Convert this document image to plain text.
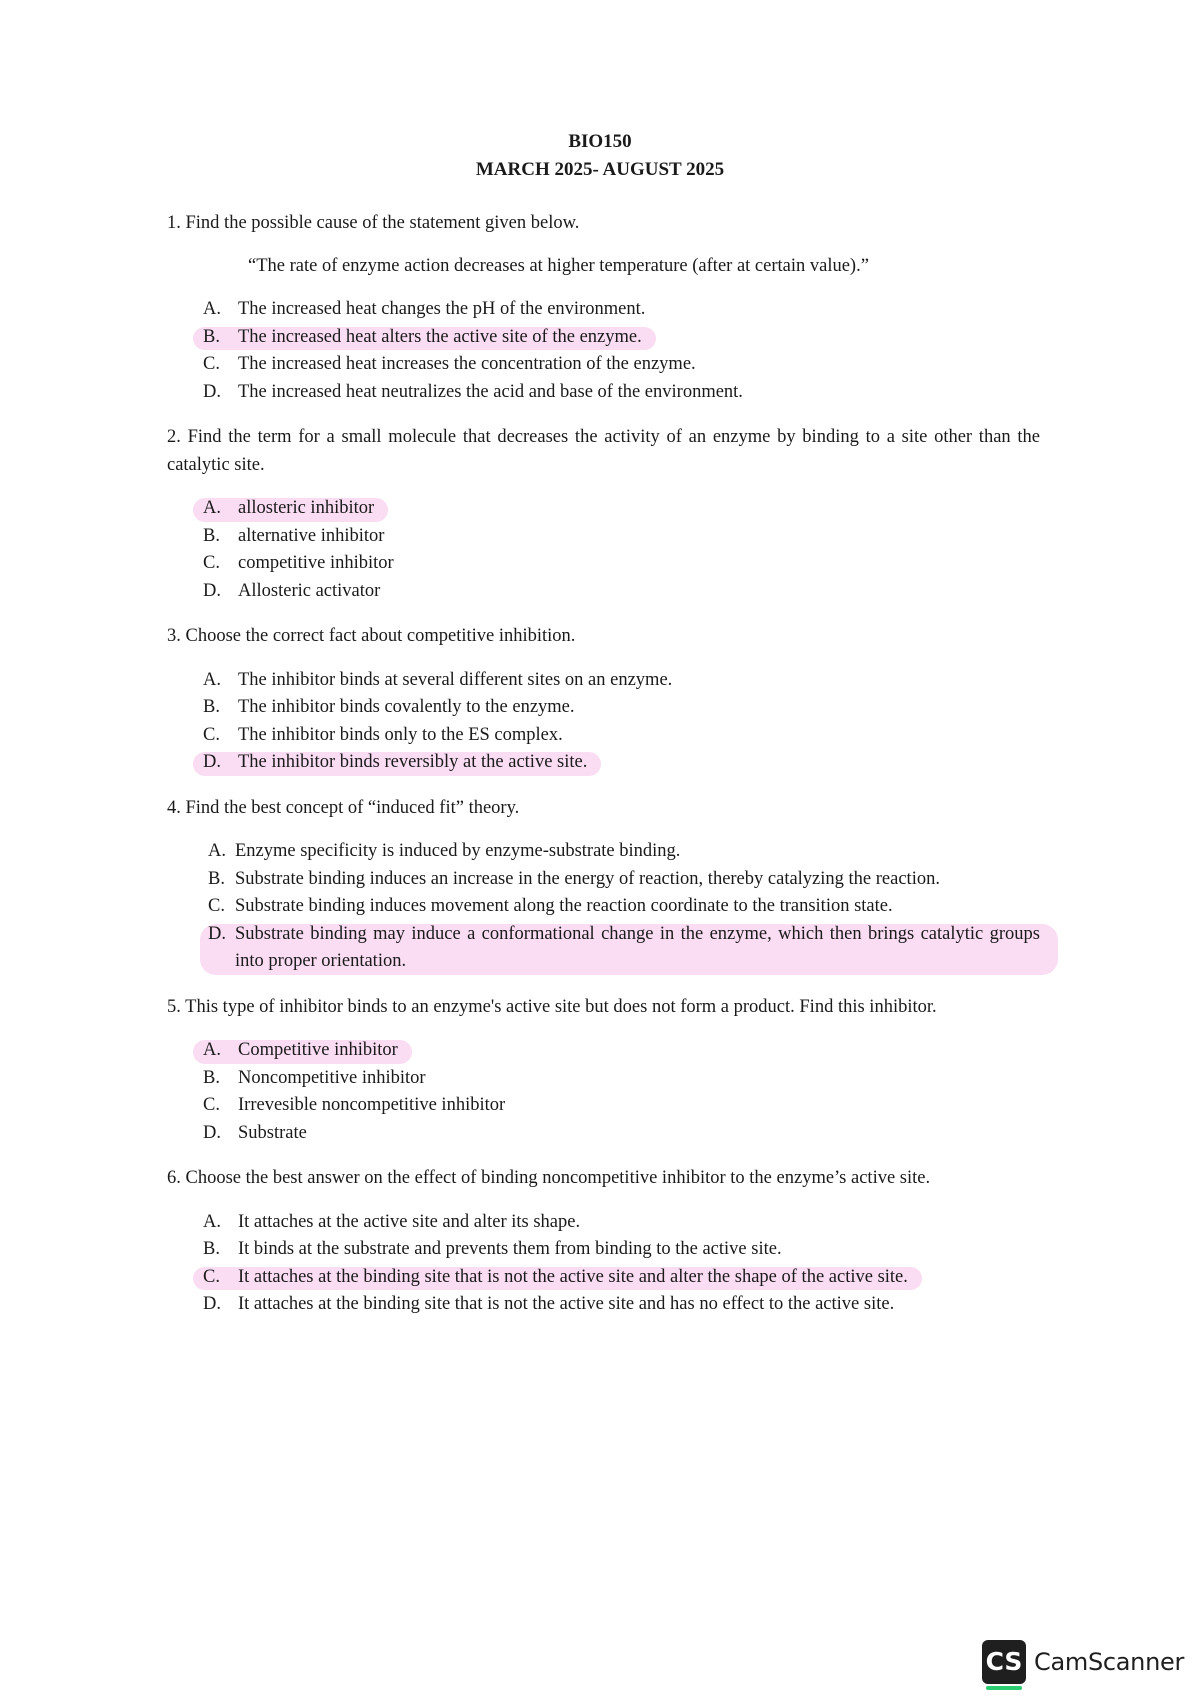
BIO150
MARCH 2025- AUGUST 2025

1. Find the possible cause of the statement given below.

“The rate of enzyme action decreases at higher temperature (after at certain value).”
A. The increased heat changes the pH of the environment.
B. The increased heat alters the active site of the enzyme.
C. The increased heat increases the concentration of the enzyme.
D. The increased heat neutralizes the acid and base of the environment.

2. Find the term for a small molecule that decreases the activity of an enzyme by binding to a site other than the catalytic site.

A. allosteric inhibitor
B. alternative inhibitor
C. competitive inhibitor
D. Allosteric activator

3. Choose the correct fact about competitive inhibition.

A. The inhibitor binds at several different sites on an enzyme.
B. The inhibitor binds covalently to the enzyme.
C. The inhibitor binds only to the ES complex.
D. The inhibitor binds reversibly at the active site.

4. Find the best concept of “induced fit” theory.

A. Enzyme specificity is induced by enzyme-substrate binding.
B. Substrate binding induces an increase in the energy of reaction, thereby catalyzing the reaction.
C. Substrate binding induces movement along the reaction coordinate to the transition state.
D. Substrate binding may induce a conformational change in the enzyme, which then brings catalytic groups into proper orientation.

5. This type of inhibitor binds to an enzyme's active site but does not form a product. Find this inhibitor.

A. Competitive inhibitor
B. Noncompetitive inhibitor
C. Irrevesible noncompetitive inhibitor
D. Substrate

6. Choose the best answer on the effect of binding noncompetitive inhibitor to the enzyme’s active site.

A. It attaches at the active site and alter its shape.
B. It binds at the substrate and prevents them from binding to the active site.
C. It attaches at the binding site that is not the active site and alter the shape of the active site.
D. It attaches at the binding site that is not the active site and has no effect to the active site.
CS CamScanner
